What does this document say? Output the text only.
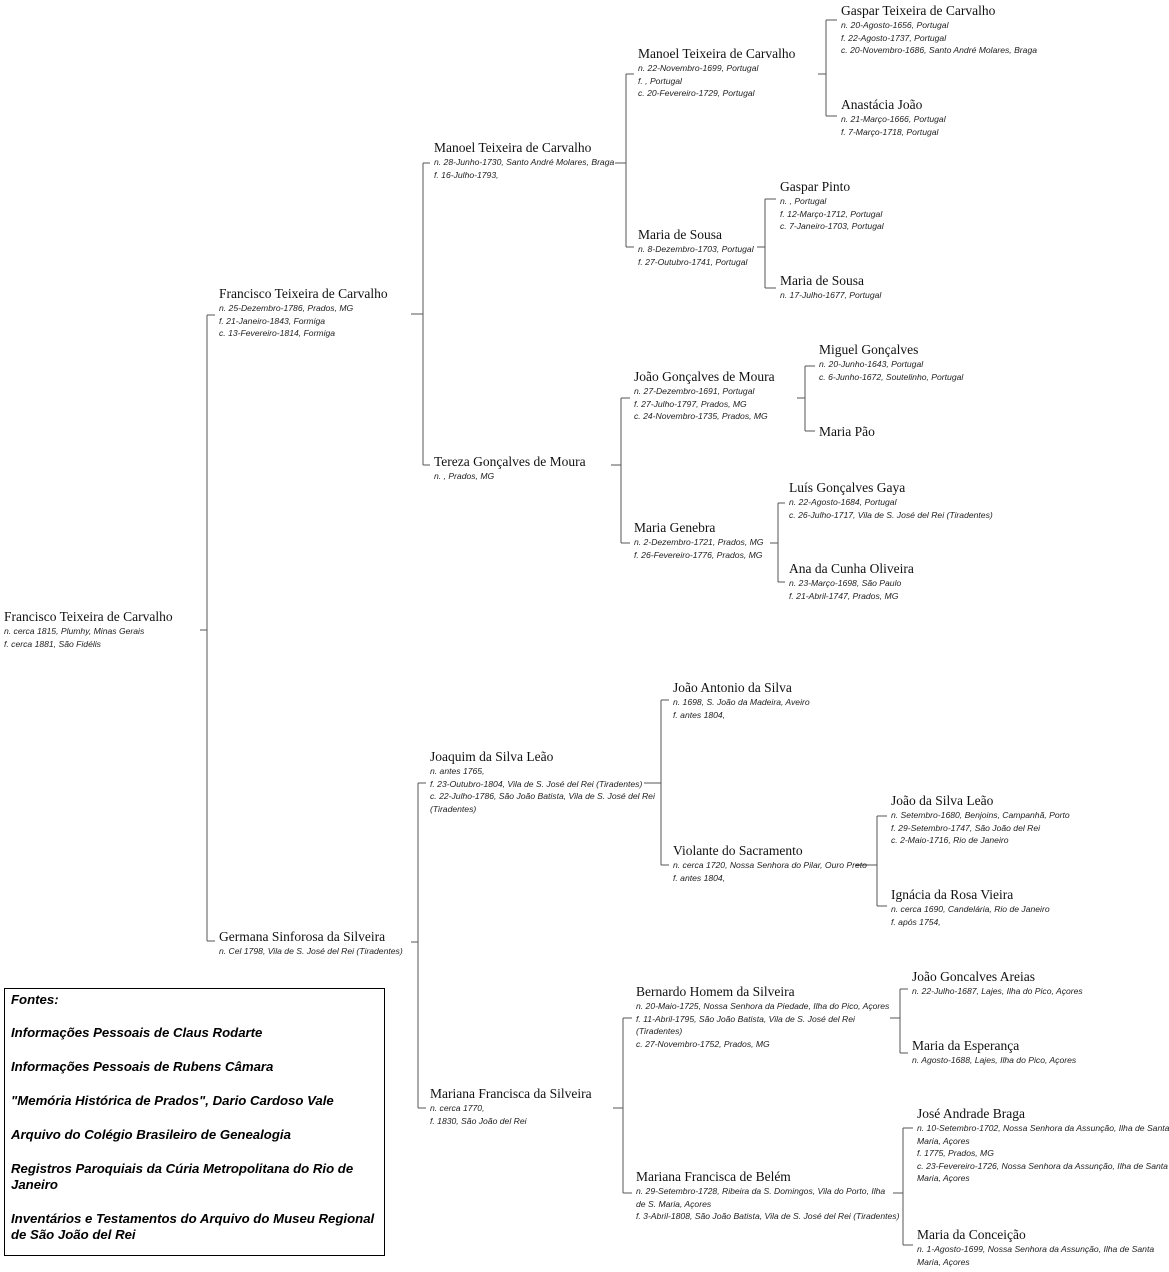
Fontes:
Informações Pessoais de Claus Rodarte
Informações Pessoais de Rubens Câmara
"Memória Histórica de Prados", Dario Cardoso Vale
Arquivo do Colégio Brasileiro de Genealogia
Registros Paroquiais da Cúria Metropolitana do Rio de Janeiro
Inventários e Testamentos do Arquivo do Museu Regional de São João del Rei
Francisco Teixeira de Carvalho
n. cerca 1815, Plumhy, Minas Gerais
f. cerca 1881, São Fidélis
Francisco Teixeira de Carvalho
n. 25-Dezembro-1786, Prados, MG
f. 21-Janeiro-1843, Formiga
c. 13-Fevereiro-1814, Formiga
Germana Sinforosa da Silveira
n. Cel 1798, Vila de S. José del Rei (Tiradentes)
Manoel Teixeira de Carvalho
n. 28-Junho-1730, Santo André Molares, Braga
f. 16-Julho-1793,
Tereza Gonçalves de Moura
n. , Prados, MG
Joaquim da Silva Leão
n. antes 1765,
f. 23-Outubro-1804, Vila de S. José del Rei (Tiradentes)
c. 22-Julho-1786, São João Batista, Vila de S. José del Rei
(Tiradentes)
Mariana Francisca da Silveira
n. cerca 1770,
f. 1830, São João del Rei
Manoel Teixeira de Carvalho
n. 22-Novembro-1699, Portugal
f. , Portugal
c. 20-Fevereiro-1729, Portugal
Maria de Sousa
n. 8-Dezembro-1703, Portugal
f. 27-Outubro-1741, Portugal
João Gonçalves de Moura
n. 27-Dezembro-1691, Portugal
f. 27-Julho-1797, Prados, MG
c. 24-Novembro-1735, Prados, MG
Maria Genebra
n. 2-Dezembro-1721, Prados, MG
f. 26-Fevereiro-1776, Prados, MG
João Antonio da Silva
n. 1698, S. João da Madeira, Aveiro
f. antes 1804,
Violante do Sacramento
n. cerca 1720, Nossa Senhora do Pilar, Ouro Preto
f. antes 1804,
Bernardo Homem da Silveira
n. 20-Maio-1725, Nossa Senhora da Piedade, Ilha do Pico, Açores
f. 11-Abril-1795, São João Batista, Vila de S. José del Rei
(Tiradentes)
c. 27-Novembro-1752, Prados, MG
Mariana Francisca de Belém
n. 29-Setembro-1728, Ribeira da S. Domingos, Vila do Porto, Ilha
de S. Maria, Açores
f. 3-Abril-1808, São João Batista, Vila de S. José del Rei (Tiradentes)
Gaspar Teixeira de Carvalho
n. 20-Agosto-1656, Portugal
f. 22-Agosto-1737, Portugal
c. 20-Novembro-1686, Santo André Molares, Braga
Anastácia João
n. 21-Março-1666, Portugal
f. 7-Março-1718, Portugal
Gaspar Pinto
n. , Portugal
f. 12-Março-1712, Portugal
c. 7-Janeiro-1703, Portugal
Maria de Sousa
n. 17-Julho-1677, Portugal
Miguel Gonçalves
n. 20-Junho-1643, Portugal
c. 6-Junho-1672, Soutelinho, Portugal
Maria Pão
Luís Gonçalves Gaya
n. 22-Agosto-1684, Portugal
c. 26-Julho-1717, Vila de S. José del Rei (Tiradentes)
Ana da Cunha Oliveira
n. 23-Março-1698, São Paulo
f. 21-Abril-1747, Prados, MG
João da Silva Leão
n. Setembro-1680, Benjoins, Campanhã, Porto
f. 29-Setembro-1747, São João del Rei
c. 2-Maio-1716, Rio de Janeiro
Ignácia da Rosa Vieira
n. cerca 1690, Candelária, Rio de Janeiro
f. após 1754,
João Goncalves Areias
n. 22-Julho-1687, Lajes, Ilha do Pico, Açores
Maria da Esperança
n. Agosto-1688, Lajes, Ilha do Pico, Açores
José Andrade Braga
n. 10-Setembro-1702, Nossa Senhora da Assunção, Ilha de Santa
Maria, Açores
f. 1775, Prados, MG
c. 23-Fevereiro-1726, Nossa Senhora da Assunção, Ilha de Santa
Maria, Açores
Maria da Conceição
n. 1-Agosto-1699, Nossa Senhora da Assunção, Ilha de Santa
Maria, Açores
